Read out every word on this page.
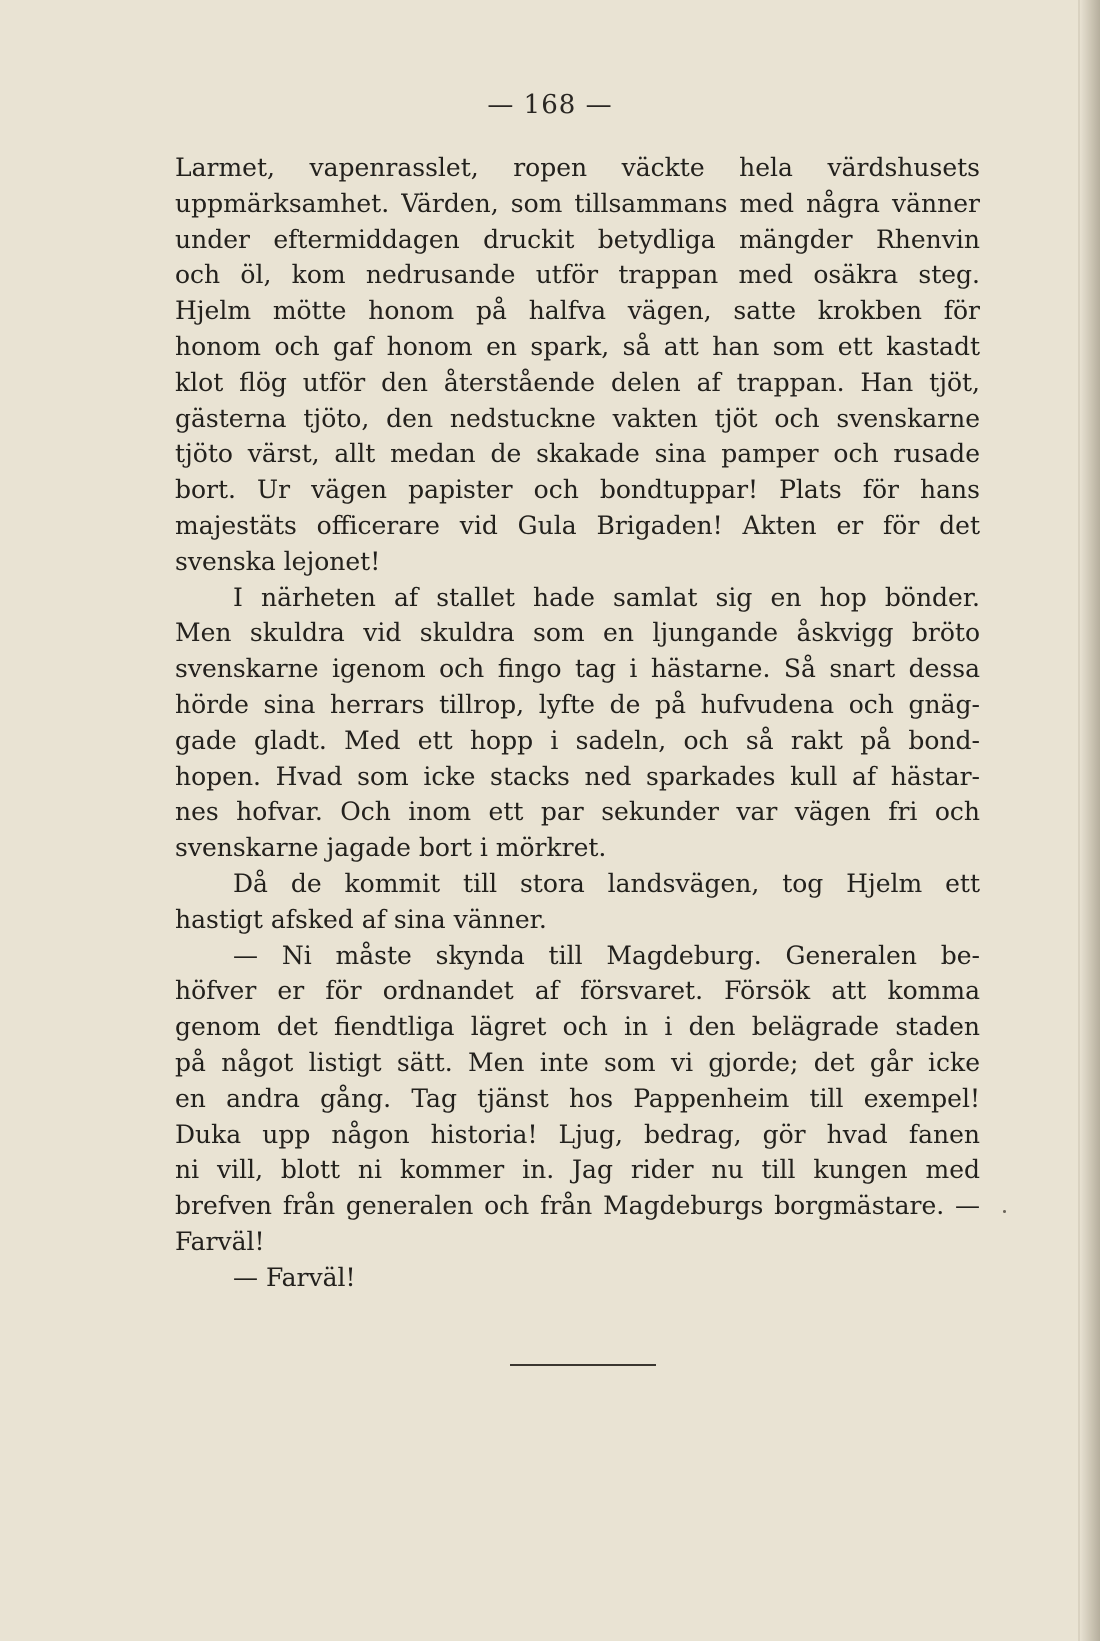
— 168 —
Larmet, vapenrasslet, ropen väckte hela värdshusets
uppmärksamhet. Värden, som tillsammans med några vänner
under eftermiddagen druckit betydliga mängder Rhenvin
och öl, kom nedrusande utför trappan med osäkra steg.
Hjelm mötte honom på halfva vägen, satte krokben för
honom och gaf honom en spark, så att han som ett kastadt
klot flög utför den återstående delen af trappan. Han tjöt,
gästerna tjöto, den nedstuckne vakten tjöt och svenskarne
tjöto värst, allt medan de skakade sina pamper och rusade
bort. Ur vägen papister och bondtuppar! Plats för hans
majestäts officerare vid Gula Brigaden! Akten er för det
svenska lejonet!
I närheten af stallet hade samlat sig en hop bönder.
Men skuldra vid skuldra som en ljungande åskvigg bröto
svenskarne igenom och fingo tag i hästarne. Så snart dessa
hörde sina herrars tillrop, lyfte de på hufvudena och gnäg-
gade gladt. Med ett hopp i sadeln, och så rakt på bond-
hopen. Hvad som icke stacks ned sparkades kull af hästar-
nes hofvar. Och inom ett par sekunder var vägen fri och
svenskarne jagade bort i mörkret.
Då de kommit till stora landsvägen, tog Hjelm ett
hastigt afsked af sina vänner.
— Ni måste skynda till Magdeburg. Generalen be-
höfver er för ordnandet af försvaret. Försök att komma
genom det fiendtliga lägret och in i den belägrade staden
på något listigt sätt. Men inte som vi gjorde; det går icke
en andra gång. Tag tjänst hos Pappenheim till exempel!
Duka upp någon historia! Ljug, bedrag, gör hvad fanen
ni vill, blott ni kommer in. Jag rider nu till kungen med
brefven från generalen och från Magdeburgs borgmästare. —
Farväl!
— Farväl!
